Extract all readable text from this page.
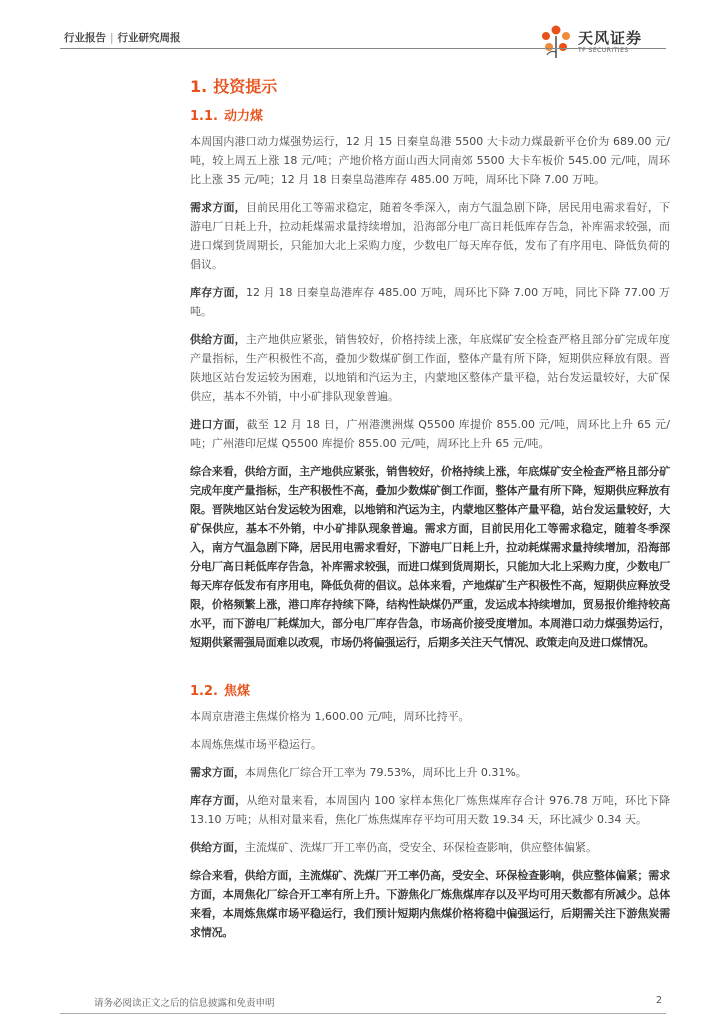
行业报告 | 行业研究周报	天风证券
TF SECURITIES
1. 投资提示
1.1. 动力煤

本周国内港口动力煤强势运行，12 月 15 日秦皇岛港 5500 大卡动力煤最新平仓价为 689.00 元/吨，较上周五上涨 18 元/吨；产地价格方面山西大同南郊 5500 大卡车板价 545.00 元/吨，周环比上涨 35 元/吨；12 月 18 日秦皇岛港库存 485.00 万吨，周环比下降 7.00 万吨。

需求方面，目前民用化工等需求稳定，随着冬季深入，南方气温急剧下降，居民用电需求看好，下游电厂日耗上升，拉动耗煤需求量持续增加，沿海部分电厂高日耗低库存告急，补库需求较强，而进口煤到货周期长，只能加大北上采购力度，少数电厂每天库存低，发布了有序用电、降低负荷的倡议。

库存方面，12 月 18 日秦皇岛港库存 485.00 万吨，周环比下降 7.00 万吨，同比下降 77.00 万吨。

供给方面，主产地供应紧张，销售较好，价格持续上涨，年底煤矿安全检查严格且部分矿完成年度产量指标，生产积极性不高，叠加少数煤矿倒工作面，整体产量有所下降，短期供应释放有限。晋陕地区站台发运较为困难，以地销和汽运为主，内蒙地区整体产量平稳，站台发运量较好，大矿保供应，基本不外销，中小矿排队现象普遍。

进口方面，截至 12 月 18 日，广州港澳洲煤 Q5500 库提价 855.00 元/吨，周环比上升 65 元/吨；广州港印尼煤 Q5500 库提价 855.00 元/吨，周环比上升 65 元/吨。

综合来看，供给方面，主产地供应紧张，销售较好，价格持续上涨，年底煤矿安全检查严格且部分矿完成年度产量指标，生产积极性不高，叠加少数煤矿倒工作面，整体产量有所下降，短期供应释放有限。晋陕地区站台发运较为困难，以地销和汽运为主，内蒙地区整体产量平稳，站台发运量较好，大矿保供应，基本不外销，中小矿排队现象普遍。需求方面，目前民用化工等需求稳定，随着冬季深入，南方气温急剧下降，居民用电需求看好，下游电厂日耗上升，拉动耗煤需求量持续增加，沿海部分电厂高日耗低库存告急，补库需求较强，而进口煤到货周期长，只能加大北上采购力度，少数电厂每天库存低发布有序用电，降低负荷的倡议。总体来看，产地煤矿生产积极性不高，短期供应释放受限，价格频繁上涨，港口库存持续下降，结构性缺煤仍严重，发运成本持续增加，贸易报价维持较高水平，而下游电厂耗煤加大，部分电厂库存告急，市场高价接受度增加。本周港口动力煤强势运行，短期供紧需强局面难以改观，市场仍将偏强运行，后期多关注天气情况、政策走向及进口煤情况。

1.2. 焦煤

本周京唐港主焦煤价格为 1,600.00 元/吨，周环比持平。

本周炼焦煤市场平稳运行。

需求方面，本周焦化厂综合开工率为 79.53%，周环比上升 0.31%。

库存方面，从绝对量来看，本周国内 100 家样本焦化厂炼焦煤库存合计 976.78 万吨，环比下降 13.10 万吨；从相对量来看，焦化厂炼焦煤库存平均可用天数 19.34 天，环比减少 0.34 天。

供给方面，主流煤矿、洗煤厂开工率仍高，受安全、环保检查影响，供应整体偏紧。

综合来看，供给方面，主流煤矿、洗煤厂开工率仍高，受安全、环保检查影响，供应整体偏紧；需求方面，本周焦化厂综合开工率有所上升。下游焦化厂炼焦煤库存以及平均可用天数都有所减少。总体来看，本周炼焦煤市场平稳运行，我们预计短期内焦煤价格将稳中偏强运行，后期需关注下游焦炭需求情况。

请务必阅读正文之后的信息披露和免责申明	2
